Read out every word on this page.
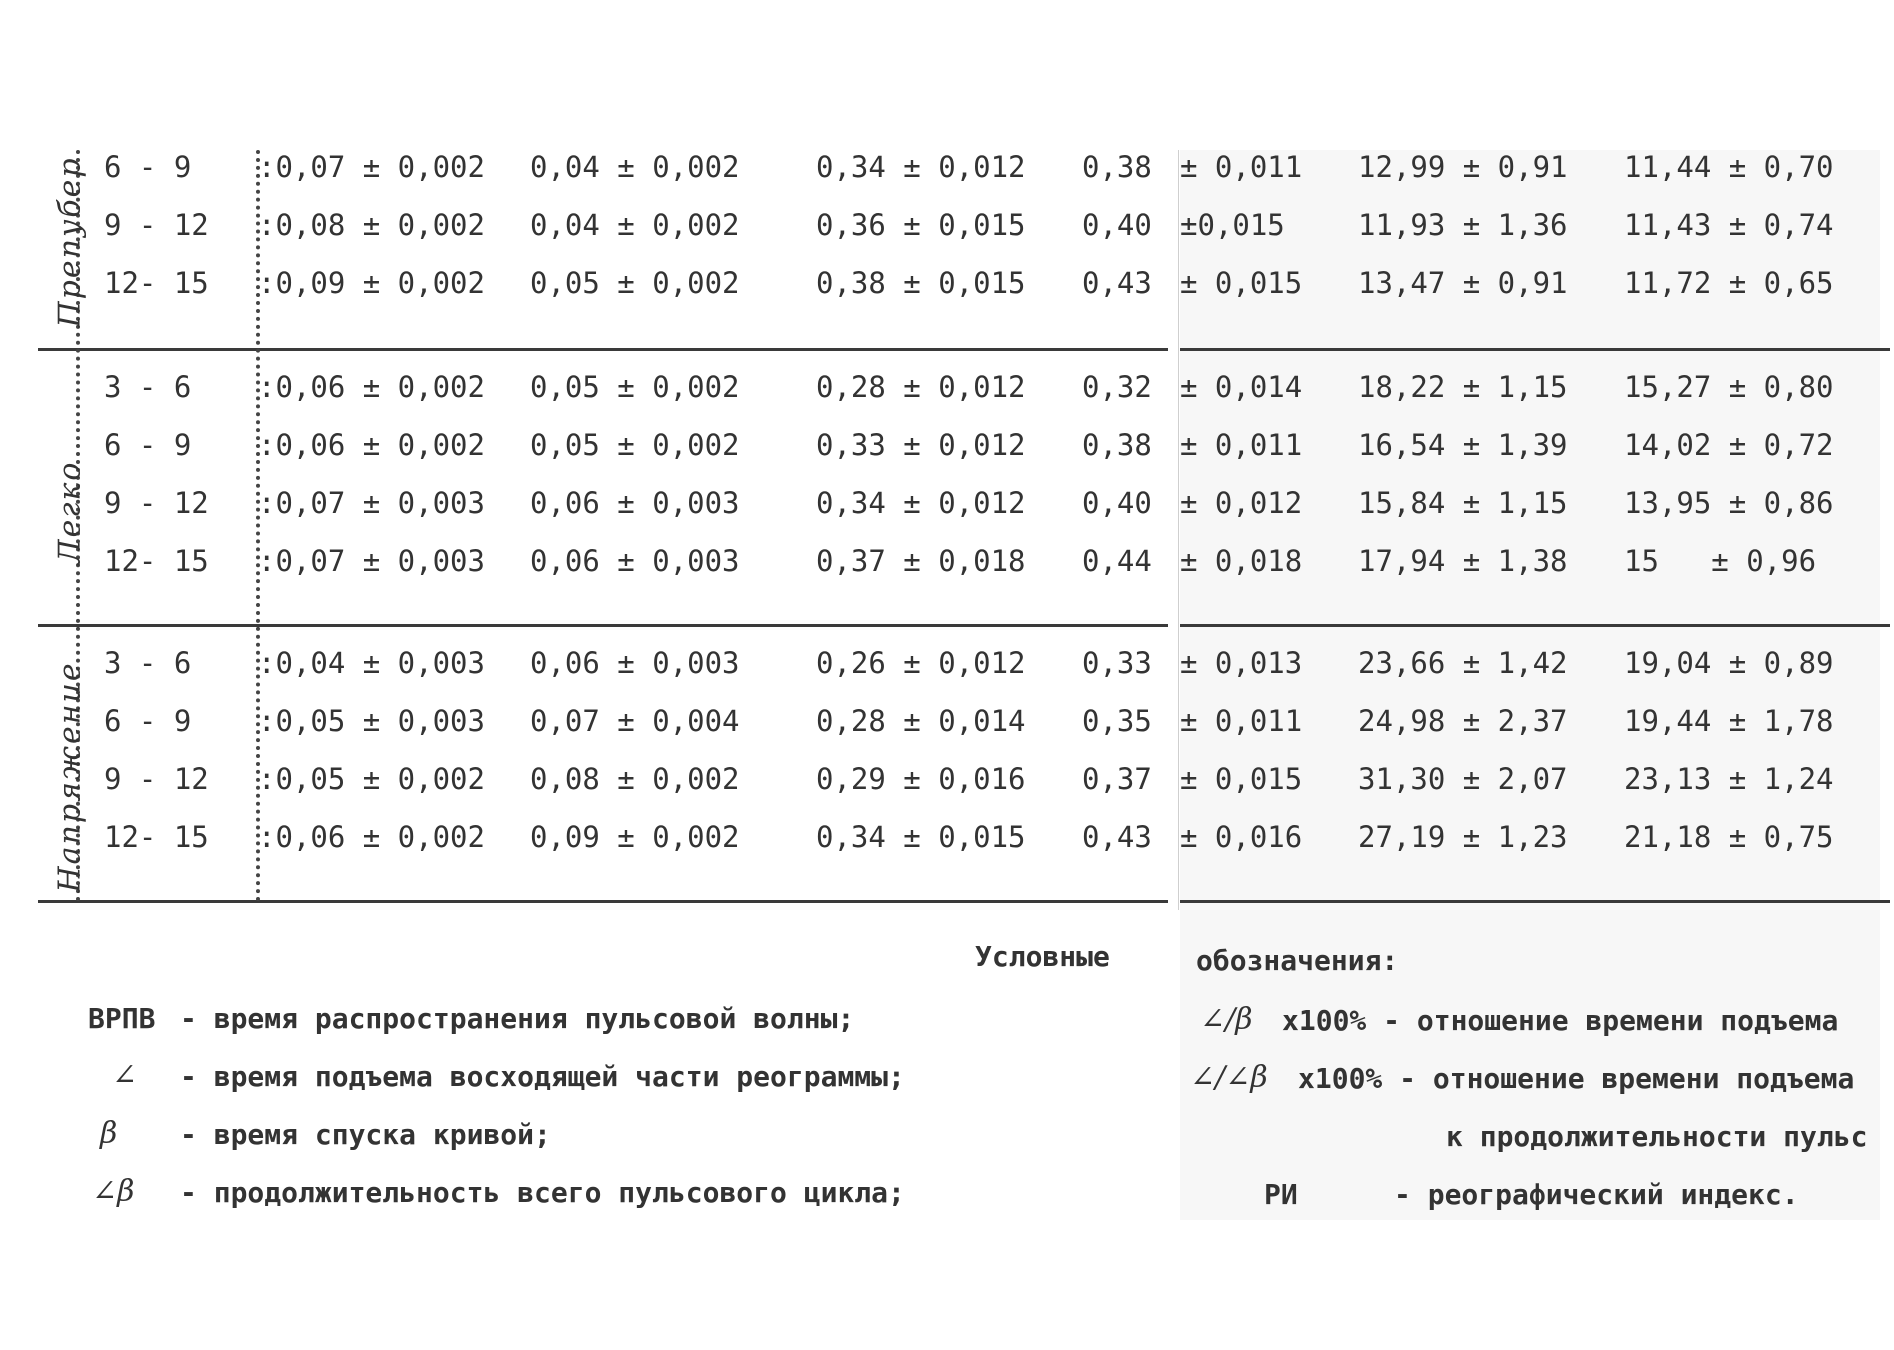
Препубер
Легко
Напряжение
6 - 9 :0,07 ± 0,002 0,04 ± 0,002	0,34 ± 0,012 0,38 ± 0,011 12,99 ± 0,91 11,44 ± 0,70
9 - 12 :0,08 ± 0,002 0,04 ± 0,002	0,36 ± 0,015 0,40 ±0,015	11,93 ± 1,36 11,43 ± 0,74
12- 15 :0,09 ± 0,002 0,05 ± 0,002	0,38 ± 0,015 0,43 ± 0,015 13,47 ± 0,91 11,72 ± 0,65
3 - 6 :0,06 ± 0,002 0,05 ± 0,002	0,28 ± 0,012 0,32 ± 0,014 18,22 ± 1,15 15,27 ± 0,80
6 - 9 :0,06 ± 0,002 0,05 ± 0,002	0,33 ± 0,012 0,38 ± 0,011 16,54 ± 1,39 14,02 ± 0,72
9 - 12 :0,07 ± 0,003 0,06 ± 0,003	0,34 ± 0,012 0,40 ± 0,012 15,84 ± 1,15 13,95 ± 0,86
12- 15 :0,07 ± 0,003 0,06 ± 0,003	0,37 ± 0,018 0,44 ± 0,018 17,94 ± 1,38 15   ± 0,96
3 - 6 :0,04 ± 0,003 0,06 ± 0,003	0,26 ± 0,012 0,33 ± 0,013 23,66 ± 1,42 19,04 ± 0,89
6 - 9 :0,05 ± 0,003 0,07 ± 0,004	0,28 ± 0,014 0,35 ± 0,011 24,98 ± 2,37 19,44 ± 1,78
9 - 12 :0,05 ± 0,002 0,08 ± 0,002	0,29 ± 0,016 0,37 ± 0,015 31,30 ± 2,07 23,13 ± 1,24
12- 15 :0,06 ± 0,002 0,09 ± 0,002	0,34 ± 0,015 0,43 ± 0,016 27,19 ± 1,23 21,18 ± 0,75
Условные	обозначения:
ВРПВ - время распространения пульсовой волны;
∠ - время подъема восходящей части реограммы;
β - время спуска кривой;
∠β - продолжительность всего пульсового цикла;
∠/β x100% - отношение времени подъема
∠/∠β x100% - отношение времени подъема
к продолжительности пульс
РИ	- реографический индекс.
